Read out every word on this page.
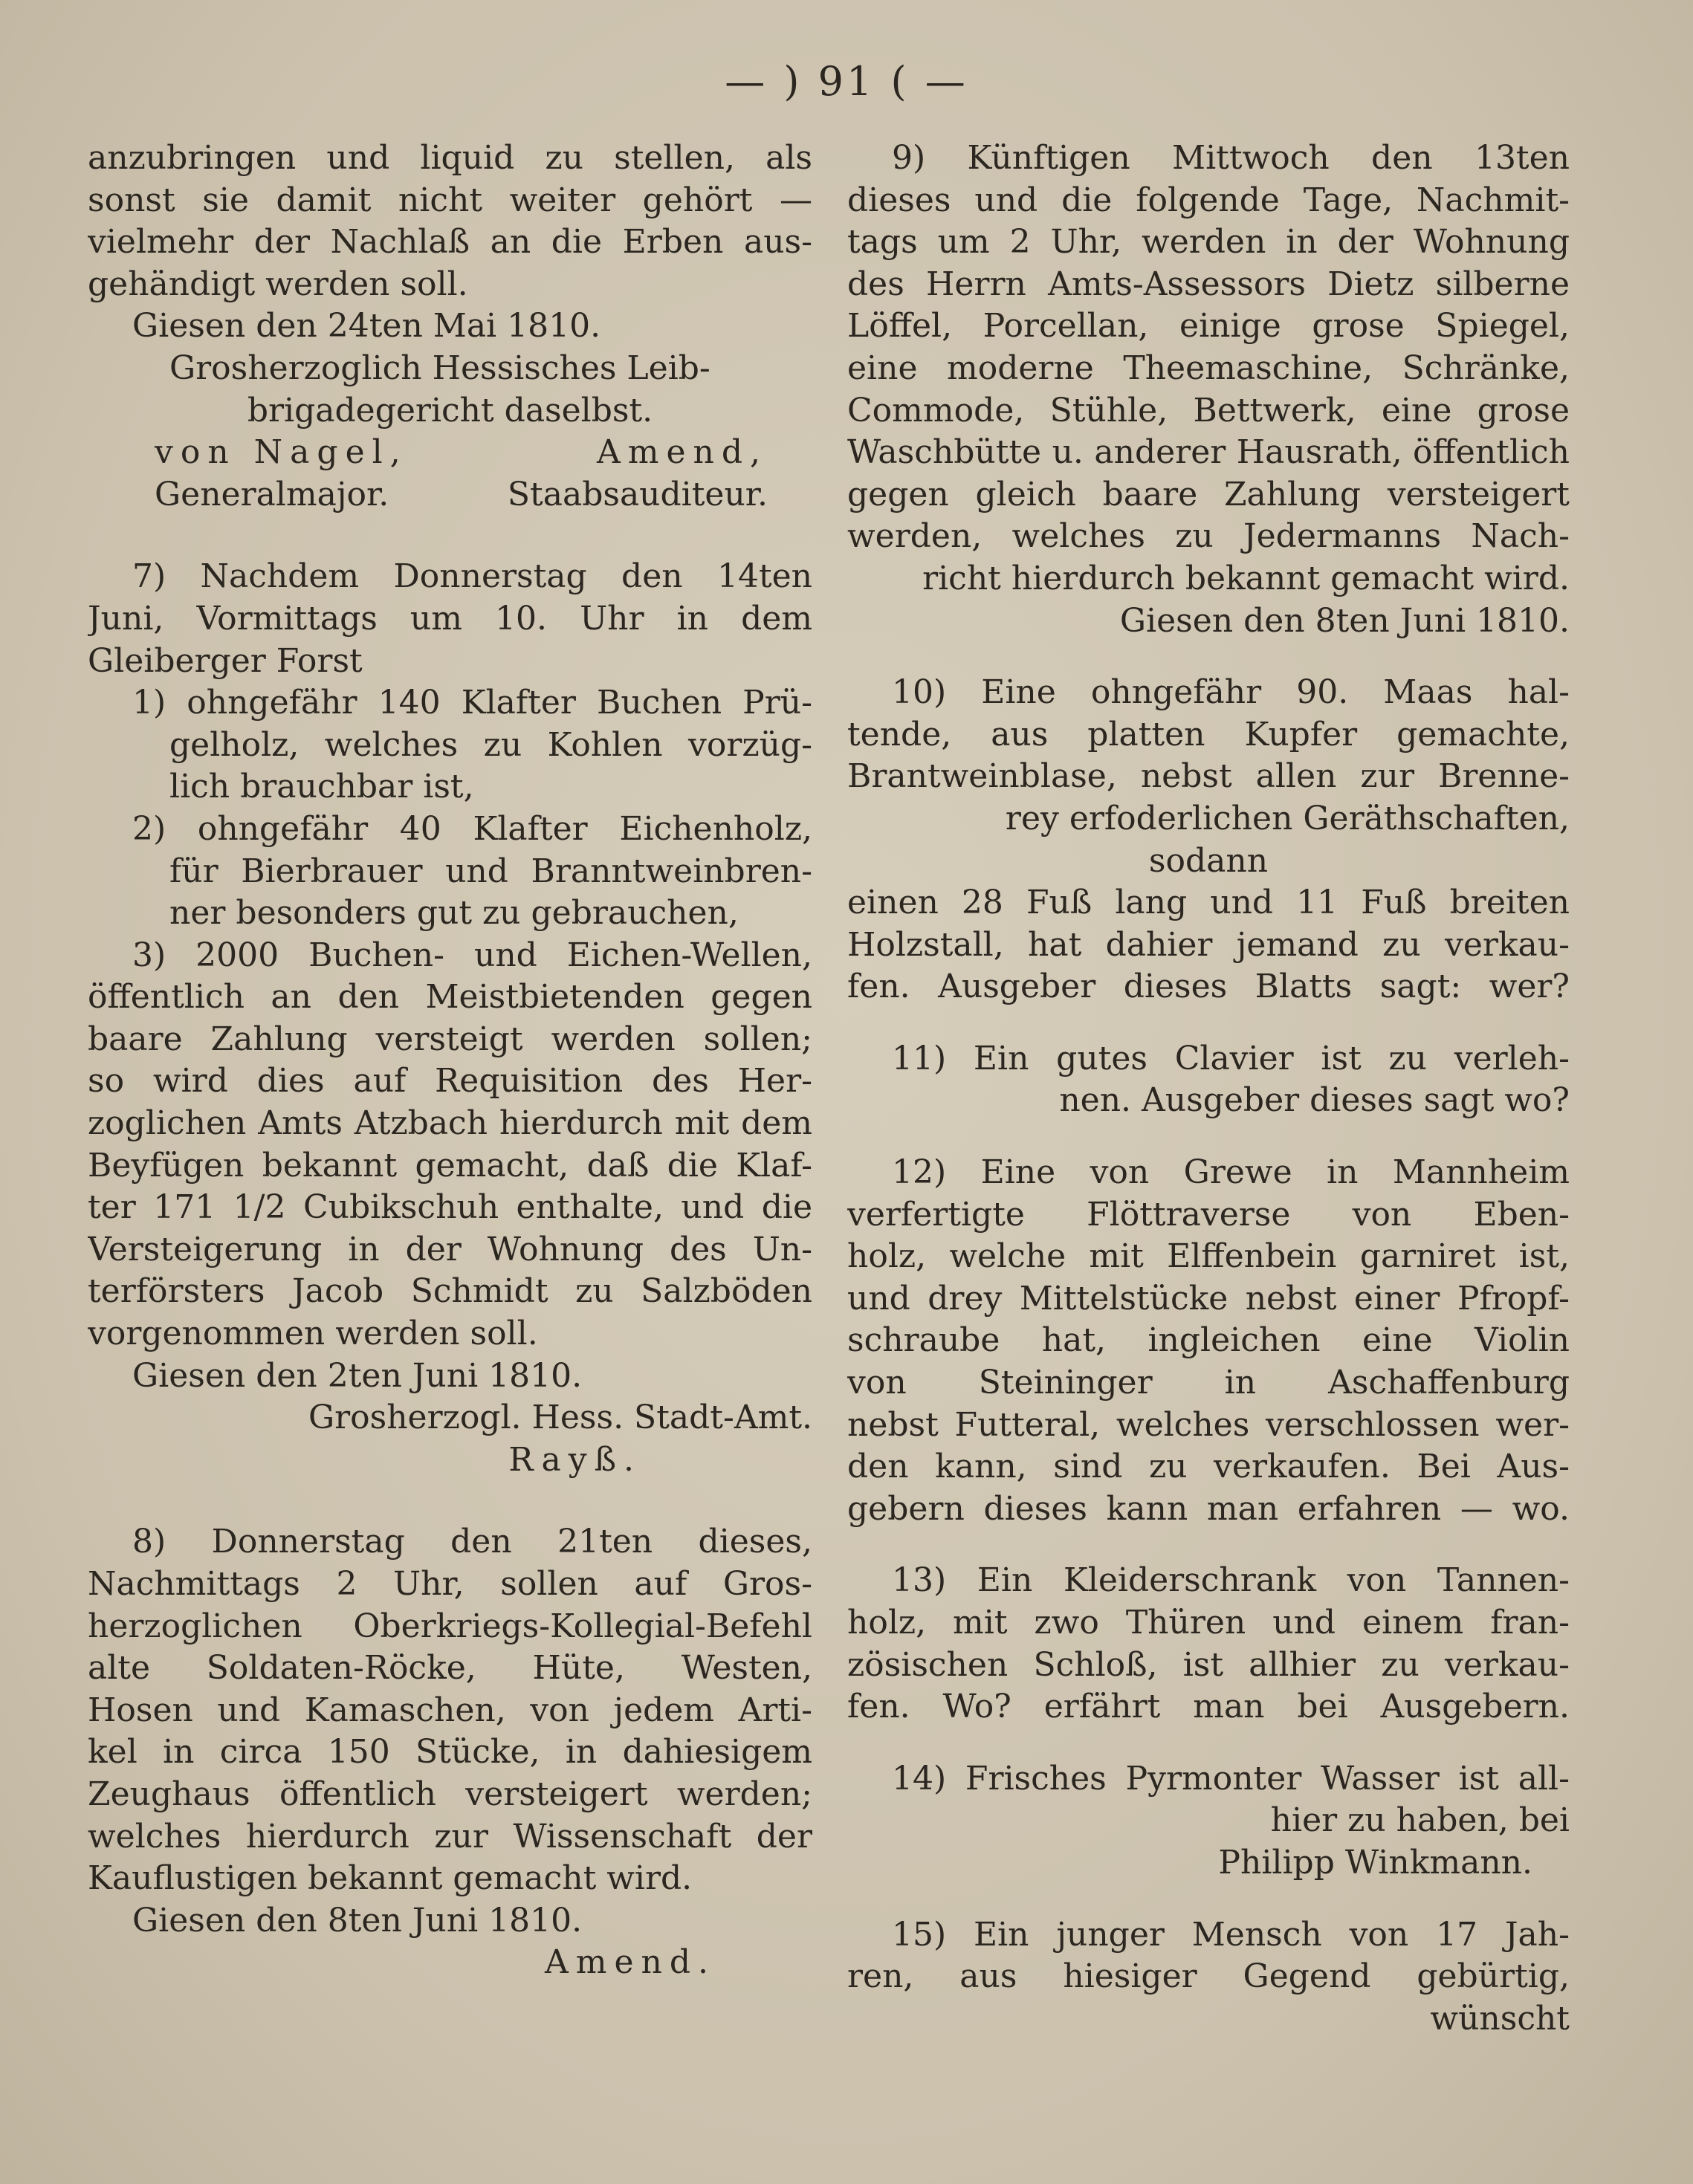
— ) 91 ( —
anzubringen und liquid zu stellen, als
sonst sie damit nicht weiter gehört —
vielmehr der Nachlaß an die Erben aus-
gehändigt werden soll.
Giesen den 24ten Mai 1810.
Grosherzoglich Hessisches Leib-
brigadegericht daselbst.
von Nagel,	Amend,
Generalmajor.	Staabsauditeur.
7) Nachdem Donnerstag den 14ten
Juni, Vormittags um 10. Uhr in dem
Gleiberger Forst
1) ohngefähr 140 Klafter Buchen Prü-
gelholz, welches zu Kohlen vorzüg-
lich brauchbar ist,
2) ohngefähr 40 Klafter Eichenholz,
für Bierbrauer und Branntweinbren-
ner besonders gut zu gebrauchen,
3) 2000 Buchen- und Eichen-Wellen,
öffentlich an den Meistbietenden gegen
baare Zahlung versteigt werden sollen;
so wird dies auf Requisition des Her-
zoglichen Amts Atzbach hierdurch mit dem
Beyfügen bekannt gemacht, daß die Klaf-
ter 171 1/2 Cubikschuh enthalte, und die
Versteigerung in der Wohnung des Un-
terförsters Jacob Schmidt zu Salzböden
vorgenommen werden soll.
Giesen den 2ten Juni 1810.
Grosherzogl. Hess. Stadt-Amt.
Rayß.
8) Donnerstag den 21ten dieses,
Nachmittags 2 Uhr, sollen auf Gros-
herzoglichen Oberkriegs-Kollegial-Befehl
alte Soldaten-Röcke, Hüte, Westen,
Hosen und Kamaschen, von jedem Arti-
kel in circa 150 Stücke, in dahiesigem
Zeughaus öffentlich versteigert werden;
welches hierdurch zur Wissenschaft der
Kauflustigen bekannt gemacht wird.
Giesen den 8ten Juni 1810.
Amend.
9) Künftigen Mittwoch den 13ten
dieses und die folgende Tage, Nachmit-
tags um 2 Uhr, werden in der Wohnung
des Herrn Amts-Assessors Dietz silberne
Löffel, Porcellan, einige grose Spiegel,
eine moderne Theemaschine, Schränke,
Commode, Stühle, Bettwerk, eine grose
Waschbütte u. anderer Hausrath, öffentlich
gegen gleich baare Zahlung versteigert
werden, welches zu Jedermanns Nach-
richt hierdurch bekannt gemacht wird.
Giesen den 8ten Juni 1810.
10) Eine ohngefähr 90. Maas hal-
tende, aus platten Kupfer gemachte,
Brantweinblase, nebst allen zur Brenne-
rey erfoderlichen Geräthschaften,
sodann
einen 28 Fuß lang und 11 Fuß breiten
Holzstall, hat dahier jemand zu verkau-
fen. Ausgeber dieses Blatts sagt: wer?
11) Ein gutes Clavier ist zu verleh-
nen. Ausgeber dieses sagt wo?
12) Eine von Grewe in Mannheim
verfertigte Flöttraverse von Eben-
holz, welche mit Elffenbein garniret ist,
und drey Mittelstücke nebst einer Pfropf-
schraube hat, ingleichen eine Violin
von Steininger in Aschaffenburg
nebst Futteral, welches verschlossen wer-
den kann, sind zu verkaufen. Bei Aus-
gebern dieses kann man erfahren — wo.
13) Ein Kleiderschrank von Tannen-
holz, mit zwo Thüren und einem fran-
zösischen Schloß, ist allhier zu verkau-
fen. Wo? erfährt man bei Ausgebern.
14) Frisches Pyrmonter Wasser ist all-
hier zu haben, bei
Philipp Winkmann.
15) Ein junger Mensch von 17 Jah-
ren, aus hiesiger Gegend gebürtig,
wünscht
